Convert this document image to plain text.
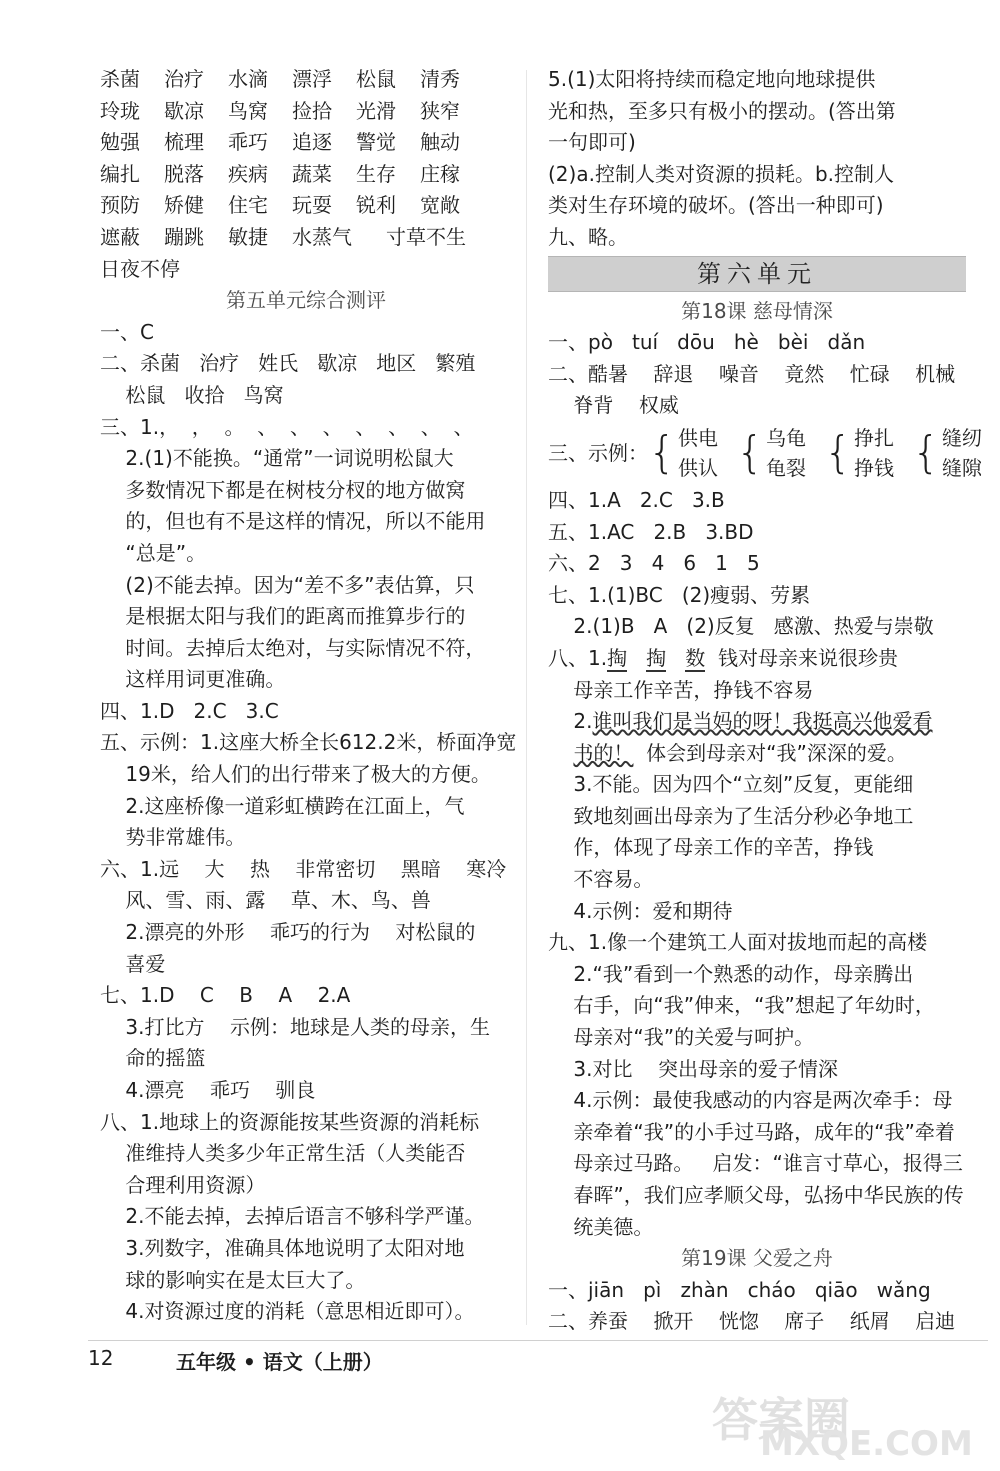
杀菌	治疗	水滴	漂浮	松鼠	清秀
玲珑	歇凉	鸟窝	捡拾	光滑	狭窄
勉强	梳理	乖巧	追逐	警觉	触动
编扎	脱落	疾病	蔬菜	生存	庄稼
预防	矫健	住宅	玩耍	锐利	宽敞
遮蔽	蹦跳	敏捷	水蒸气	寸草不生
日夜不停
第五单元综合测评
一、C
二、杀菌   治疗   姓氏   歇凉   地区   繁殖
松鼠   收拾   鸟窝
三、1.，  ，  。  、  、  、  、  、  、  、
2.(1)不能换。“通常”一词说明松鼠大
多数情况下都是在树枝分杈的地方做窝
的，但也有不是这样的情况，所以不能用
“总是”。
(2)不能去掉。因为“差不多”表估算，只
是根据太阳与我们的距离而推算步行的
时间。去掉后太绝对，与实际情况不符，
这样用词更准确。
四、1.D   2.C   3.C
五、示例：1.这座大桥全长612.2米，桥面净宽
19米，给人们的出行带来了极大的方便。
2.这座桥像一道彩虹横跨在江面上，气
势非常雄伟。
六、1.远    大    热    非常密切    黑暗    寒冷
风、雪、雨、露    草、木、鸟、兽
2.漂亮的外形    乖巧的行为    对松鼠的
喜爱
七、1.D    C    B    A    2.A
3.打比方    示例：地球是人类的母亲，生
命的摇篮
4.漂亮    乖巧    驯良
八、1.地球上的资源能按某些资源的消耗标
准维持人类多少年正常生活（人类能否
合理利用资源）
2.不能去掉，去掉后语言不够科学严谨。
3.列数字，准确具体地说明了太阳对地
球的影响实在是太巨大了。
4.对资源过度的消耗（意思相近即可）。
5.(1)太阳将持续而稳定地向地球提供
光和热，至多只有极小的摆动。(答出第
一句即可)
(2)a.控制人类对资源的损耗。b.控制人
类对生存环境的破坏。(答出一种即可)
九、略。
第六单元
第18课 慈母情深
一、pò   tuí   dōu   hè   bèi   dǎn
二、酷暑    辞退    噪音    竟然    忙碌    机械
脊背    权威
三、示例： { 供电
供认 { 乌龟
龟裂 { 挣扎
挣钱 { 缝纫
缝隙
四、1.A   2.C   3.B
五、1.AC   2.B   3.BD
六、2   3   4   6   1   5
七、1.(1)BC   (2)瘦弱、劳累
2.(1)B   A   (2)反复   感激、热爱与崇敬
八、1.掏 掏 数 钱对母亲来说很珍贵
母亲工作辛苦，挣钱不容易
2.谁叫我们是当妈的呀！我挺高兴他爱看
书的！ 体会到母亲对“我”深深的爱。
3.不能。因为四个“立刻”反复，更能细
致地刻画出母亲为了生活分秒必争地工
作，体现了母亲工作的辛苦，挣钱
不容易。
4.示例：爱和期待
九、1.像一个建筑工人面对拔地而起的高楼
2.“我”看到一个熟悉的动作，母亲腾出
右手，向“我”伸来，“我”想起了年幼时，
母亲对“我”的关爱与呵护。
3.对比    突出母亲的爱子情深
4.示例：最使我感动的内容是两次牵手：母
亲牵着“我”的小手过马路，成年的“我”牵着
母亲过马路。   启发：“谁言寸草心，报得三
春晖”，我们应孝顺父母，弘扬中华民族的传
统美德。
第19课 父爱之舟
一、jiān   pì   zhàn   cháo   qiāo   wǎng
二、养蚕    掀开    恍惚    席子    纸屑    启迪
12	五年级 • 语文（上册）
答案圈
MXQE.COM
